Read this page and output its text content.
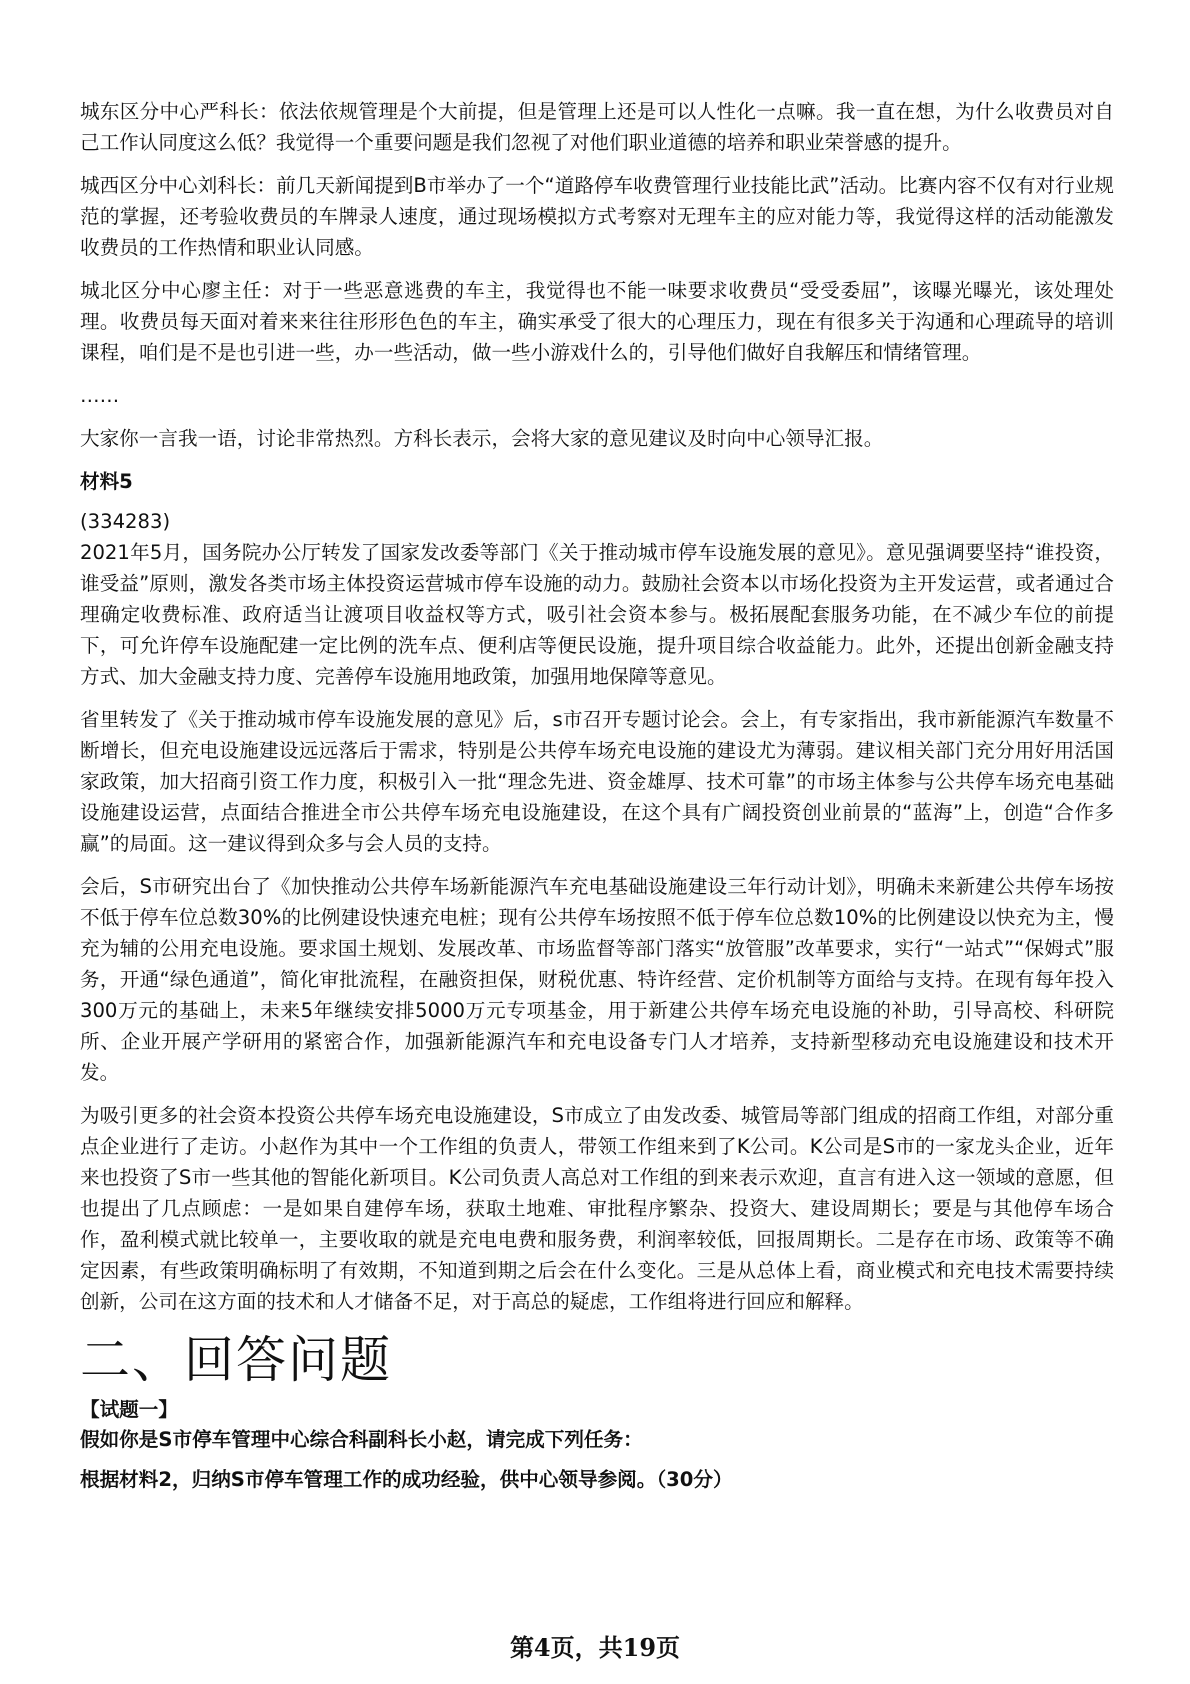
城东区分中心严科长：依法依规管理是个大前提，但是管理上还是可以人性化一点嘛。我一直在想，为什么收费员对自己工作认同度这么低？我觉得一个重要问题是我们忽视了对他们职业道德的培养和职业荣誉感的提升。

城西区分中心刘科长：前几天新闻提到B市举办了一个“道路停车收费管理行业技能比武”活动。比赛内容不仅有对行业规范的掌握，还考验收费员的车牌录人速度，通过现场模拟方式考察对无理车主的应对能力等，我觉得这样的活动能激发收费员的工作热情和职业认同感。

城北区分中心廖主任：对于一些恶意逃费的车主，我觉得也不能一味要求收费员“受受委屈”，该曝光曝光，该处理处理。收费员每天面对着来来往往形形色色的车主，确实承受了很大的心理压力，现在有很多关于沟通和心理疏导的培训课程，咱们是不是也引进一些，办一些活动，做一些小游戏什么的，引导他们做好自我解压和情绪管理。

……

大家你一言我一语，讨论非常热烈。方科长表示，会将大家的意见建议及时向中心领导汇报。

材料5
(334283)

2021年5月，国务院办公厅转发了国家发改委等部门《关于推动城市停车设施发展的意见》。意见强调要坚持“谁投资，谁受益”原则，激发各类市场主体投资运营城市停车设施的动力。鼓励社会资本以市场化投资为主开发运营，或者通过合理确定收费标准、政府适当让渡项目收益权等方式，吸引社会资本参与。极拓展配套服务功能，在不减少车位的前提下，可允许停车设施配建一定比例的洗车点、便利店等便民设施，提升项目综合收益能力。此外，还提出创新金融支持方式、加大金融支持力度、完善停车设施用地政策，加强用地保障等意见。

省里转发了《关于推动城市停车设施发展的意见》后，s市召开专题讨论会。会上，有专家指出，我市新能源汽车数量不断增长，但充电设施建设远远落后于需求，特别是公共停车场充电设施的建设尤为薄弱。建议相关部门充分用好用活国家政策，加大招商引资工作力度，积极引入一批“理念先进、资金雄厚、技术可靠”的市场主体参与公共停车场充电基础设施建设运营，点面结合推进全市公共停车场充电设施建设，在这个具有广阔投资创业前景的“蓝海”上，创造“合作多赢”的局面。这一建议得到众多与会人员的支持。

会后，S市研究出台了《加快推动公共停车场新能源汽车充电基础设施建设三年行动计划》，明确未来新建公共停车场按不低于停车位总数30%的比例建设快速充电桩；现有公共停车场按照不低于停车位总数10%的比例建设以快充为主，慢充为辅的公用充电设施。要求国土规划、发展改革、市场监督等部门落实“放管服”改革要求，实行“一站式”“保姆式”服务，开通“绿色通道”，简化审批流程，在融资担保，财税优惠、特许经营、定价机制等方面给与支持。在现有每年投入300万元的基础上，未来5年继续安排5000万元专项基金，用于新建公共停车场充电设施的补助，引导高校、科研院所、企业开展产学研用的紧密合作，加强新能源汽车和充电设备专门人才培养，支持新型移动充电设施建设和技术开发。

为吸引更多的社会资本投资公共停车场充电设施建设，S市成立了由发改委、城管局等部门组成的招商工作组，对部分重点企业进行了走访。小赵作为其中一个工作组的负责人，带领工作组来到了K公司。K公司是S市的一家龙头企业，近年来也投资了S市一些其他的智能化新项目。K公司负责人高总对工作组的到来表示欢迎，直言有进入这一领域的意愿，但也提出了几点顾虑：一是如果自建停车场，获取土地难、审批程序繁杂、投资大、建设周期长；要是与其他停车场合作，盈利模式就比较单一，主要收取的就是充电电费和服务费，利润率较低，回报周期长。二是存在市场、政策等不确定因素，有些政策明确标明了有效期，不知道到期之后会在什么变化。三是从总体上看，商业模式和充电技术需要持续创新，公司在这方面的技术和人才储备不足，对于高总的疑虑，工作组将进行回应和解释。

二、回答问题
【试题一】
假如你是S市停车管理中心综合科副科长小赵，请完成下列任务：
根据材料2，归纳S市停车管理工作的成功经验，供中心领导参阅。（30分）
第4页，共19页
